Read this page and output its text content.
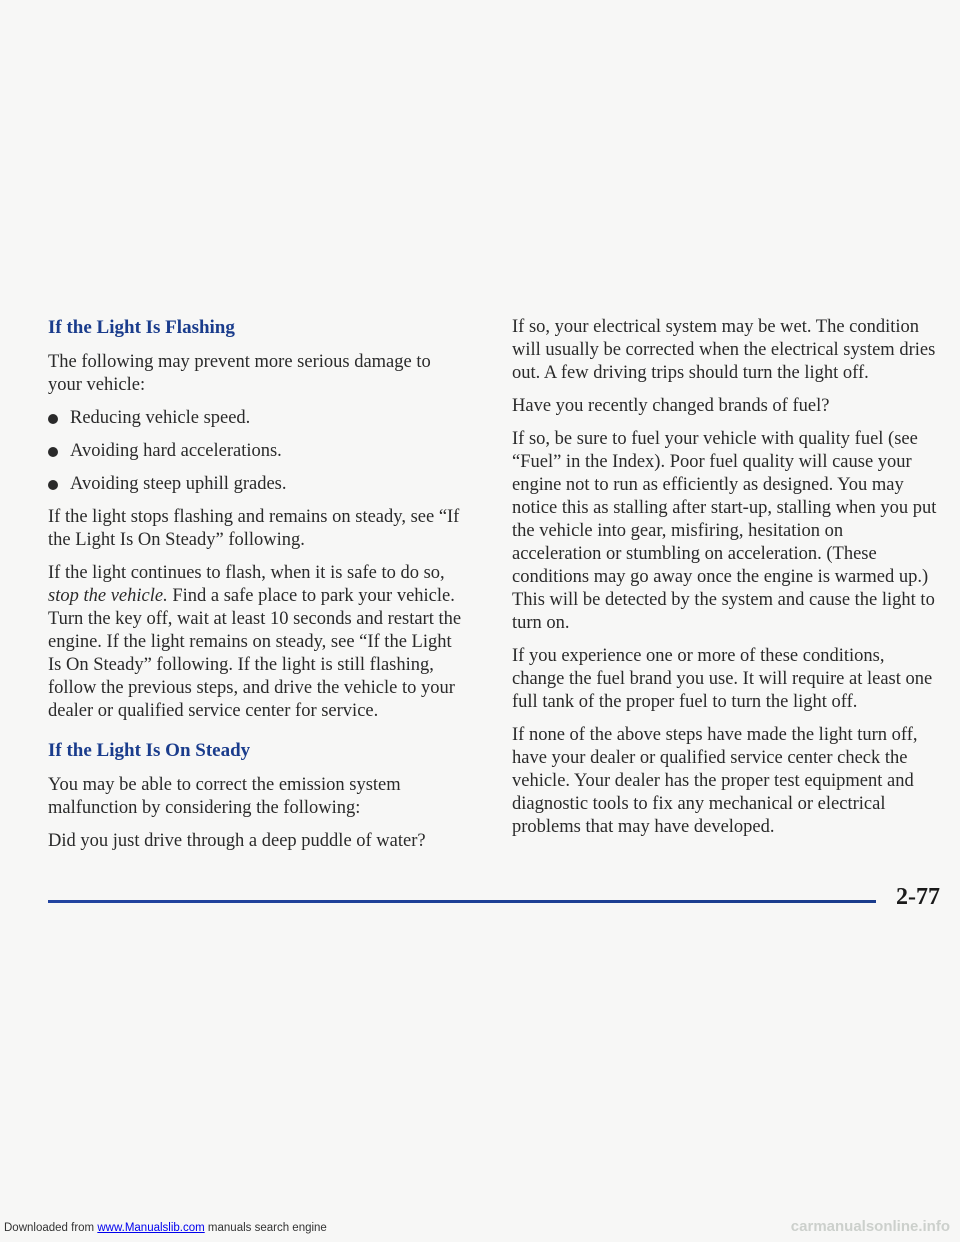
If the Light Is Flashing

The following may prevent more serious damage to your vehicle:

Reducing vehicle speed.
Avoiding hard accelerations.
Avoiding steep uphill grades.

If the light stops flashing and remains on steady, see “If the Light Is On Steady” following.

If the light continues to flash, when it is safe to do so, stop the vehicle. Find a safe place to park your vehicle. Turn the key off, wait at least 10 seconds and restart the engine. If the light remains on steady, see “If the Light Is On Steady” following. If the light is still flashing, follow the previous steps, and drive the vehicle to your dealer or qualified service center for service.

If the Light Is On Steady

You may be able to correct the emission system malfunction by considering the following:

Did you just drive through a deep puddle of water?

If so, your electrical system may be wet. The condition will usually be corrected when the electrical system dries out. A few driving trips should turn the light off.

Have you recently changed brands of fuel?

If so, be sure to fuel your vehicle with quality fuel (see “Fuel” in the Index). Poor fuel quality will cause your engine not to run as efficiently as designed. You may notice this as stalling after start-up, stalling when you put the vehicle into gear, misfiring, hesitation on acceleration or stumbling on acceleration. (These conditions may go away once the engine is warmed up.) This will be detected by the system and cause the light to turn on.

If you experience one or more of these conditions, change the fuel brand you use. It will require at least one full tank of the proper fuel to turn the light off.

If none of the above steps have made the light turn off, have your dealer or qualified service center check the vehicle. Your dealer has the proper test equipment and diagnostic tools to fix any mechanical or electrical problems that may have developed.

2-77
Downloaded from www.Manualslib.com manuals search engine	carmanualsonline.info
